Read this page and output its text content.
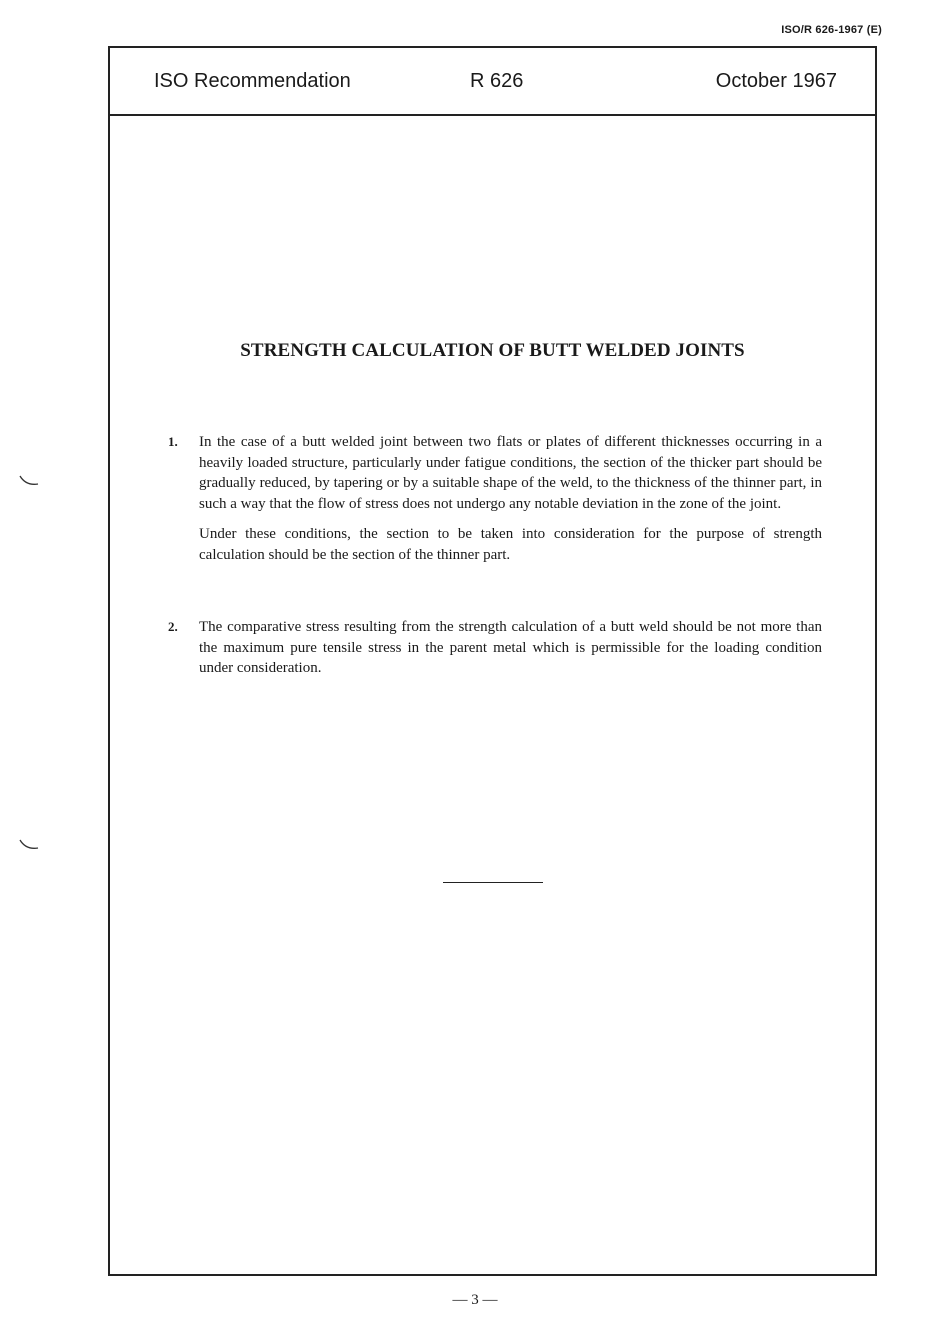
ISO/R 626-1967 (E)
ISO Recommendation	R 626	October 1967
STRENGTH CALCULATION OF BUTT WELDED JOINTS
1. In the case of a butt welded joint between two flats or plates of different thicknesses occurring in a heavily loaded structure, particularly under fatigue conditions, the section of the thicker part should be gradually reduced, by tapering or by a suitable shape of the weld, to the thickness of the thinner part, in such a way that the flow of stress does not undergo any notable deviation in the zone of the joint.

Under these conditions, the section to be taken into consideration for the purpose of strength calculation should be the section of the thinner part.

2. The comparative stress resulting from the strength calculation of a butt weld should be not more than the maximum pure tensile stress in the parent metal which is permissible for the loading condition under consideration.

— 3 —
